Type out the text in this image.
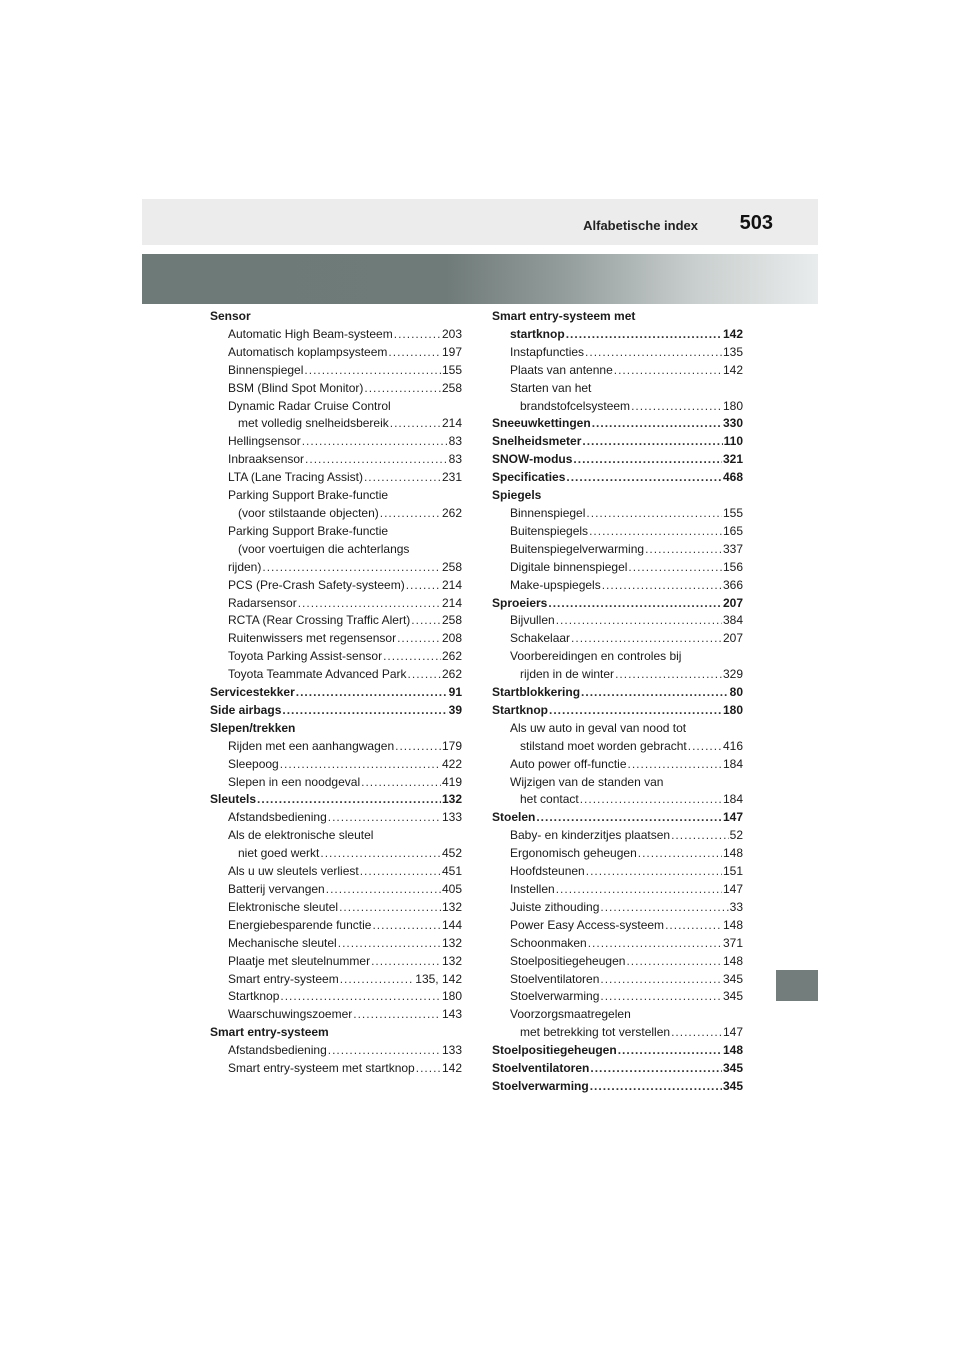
Alfabetische index 503
Sensor
Automatic High Beam-systeem .....	203
Automatisch koplampsysteem .....	197
Binnenspiegel .....	155
BSM (Blind Spot Monitor) .....	258
Dynamic Radar Cruise Control
met volledig snelheidsbereik .....	214
Hellingsensor .....	83
Inbraaksensor .....	83
LTA (Lane Tracing Assist) .....	231
Parking Support Brake-functie
(voor stilstaande objecten) .....	262
Parking Support Brake-functie
(voor voertuigen die achterlangs
rijden) .....	258
PCS (Pre-Crash Safety-systeem) .....	214
Radarsensor .....	214
RCTA (Rear Crossing Traffic Alert) .....	258
Ruitenwissers met regensensor .....	208
Toyota Parking Assist-sensor .....	262
Toyota Teammate Advanced Park .....	262
Servicestekker .....	91
Side airbags .....	39
Slepen/trekken
Rijden met een aanhangwagen .....	179
Sleepoog .....	422
Slepen in een noodgeval .....	419
Sleutels .....	132
Afstandsbediening .....	133
Als de elektronische sleutel
niet goed werkt .....	452
Als u uw sleutels verliest .....	451
Batterij vervangen .....	405
Elektronische sleutel .....	132
Energiebesparende functie .....	144
Mechanische sleutel .....	132
Plaatje met sleutelnummer .....	132
Smart entry-systeem .....	135, 142
Startknop .....	180
Waarschuwingszoemer .....	143
Smart entry-systeem
Afstandsbediening .....	133
Smart entry-systeem met startknop ..... 142
Smart entry-systeem met
startknop .....	142
Instapfuncties .....	135
Plaats van antenne .....	142
Starten van het
brandstofcelsysteem .....	180
Sneeuwkettingen .....	330
Snelheidsmeter .....	110
SNOW-modus .....	321
Specificaties .....	468
Spiegels
Binnenspiegel .....	155
Buitenspiegels .....	165
Buitenspiegelverwarming .....	337
Digitale binnenspiegel .....	156
Make-upspiegels .....	366
Sproeiers .....	207
Bijvullen .....	384
Schakelaar .....	207
Voorbereidingen en controles bij
rijden in de winter .....	329
Startblokkering .....	80
Startknop .....	180
Als uw auto in geval van nood tot
stilstand moet worden gebracht .....	416
Auto power off-functie .....	184
Wijzigen van de standen van
het contact .....	184
Stoelen .....	147
Baby- en kinderzitjes plaatsen .....	52
Ergonomisch geheugen .....	148
Hoofdsteunen .....	151
Instellen .....	147
Juiste zithouding .....	33
Power Easy Access-systeem .....	148
Schoonmaken .....	371
Stoelpositiegeheugen .....	148
Stoelventilatoren .....	345
Stoelverwarming .....	345
Voorzorgsmaatregelen
met betrekking tot verstellen .....	147
Stoelpositiegeheugen .....	148
Stoelventilatoren .....	345
Stoelverwarming .....	345
